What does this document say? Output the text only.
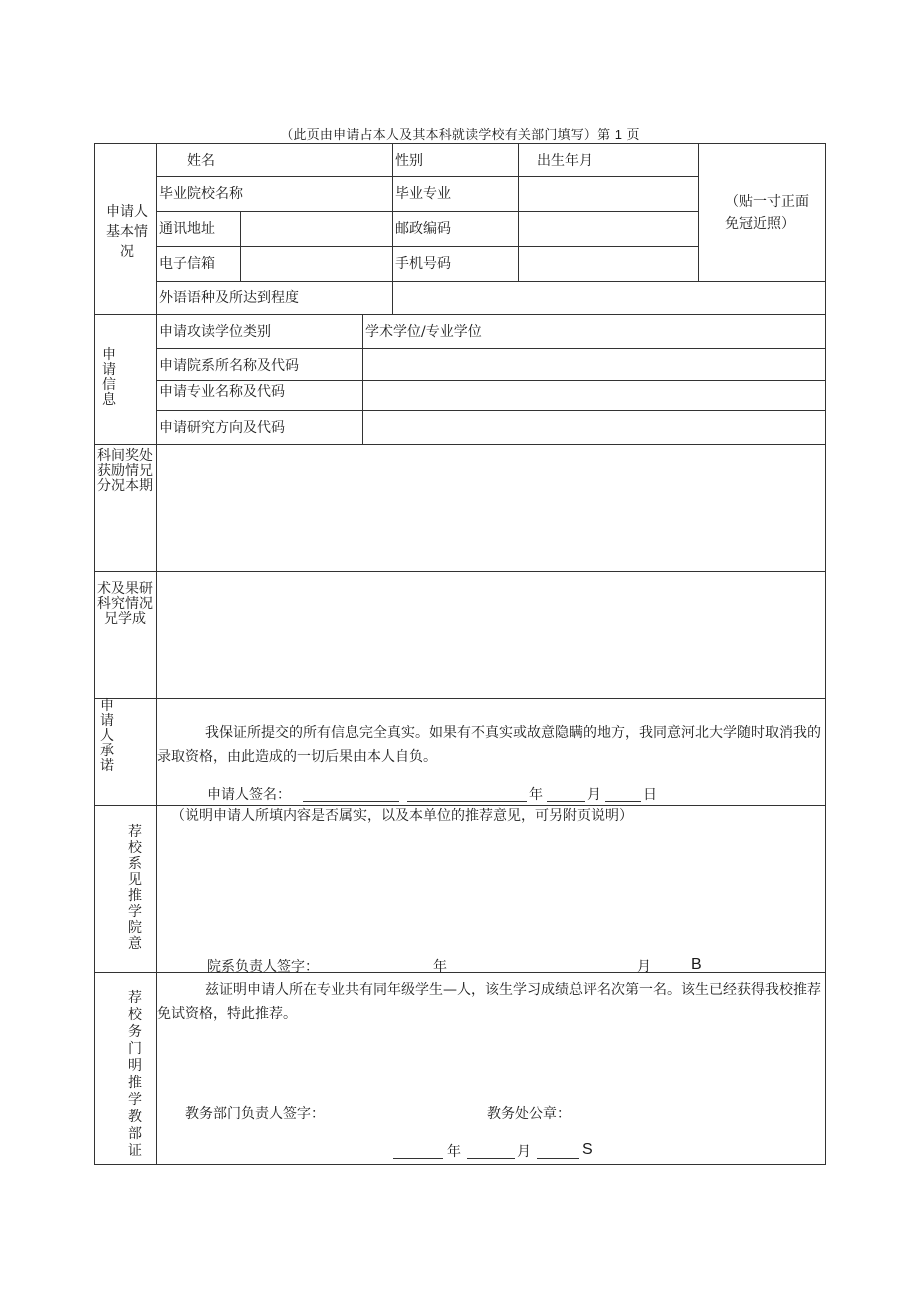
（此页由申请占本人及其本科就读学校有关部门填写）第 1 页
申请人基本情况
姓名	性别	出生年月
毕业院校名称	毕业专业
通讯地址	邮政编码
电子信箱	手机号码
外语语种及所达到程度
（贴一寸正面
免冠近照）
申请信息
申请攻读学位类别	学术学位/专业学位
申请院系所名称及代码
申请专业名称及代码
申请研究方向及代码
科间奖处获励情兄分况本期
术及果研科究情况兄学成
申请人承诺
我保证所提交的所有信息完全真实。如果有不真实或故意隐瞒的地方，我同意河北大学随时取消我的录取资格，由此造成的一切后果由本人自负。
申请人签名：	年	月	日
荐校系见推学院意
（说明申请人所填内容是否属实，以及本单位的推荐意见，可另附页说明）
院系负责人签字：	年	月	B
荐校务门明推学教部证
兹证明申请人所在专业共有同年级学生—人，该生学习成绩总评名次第一名。该生已经获得我校推荐免试资格，特此推荐。
教务部门负责人签字：	教务处公章：
年	月	S
